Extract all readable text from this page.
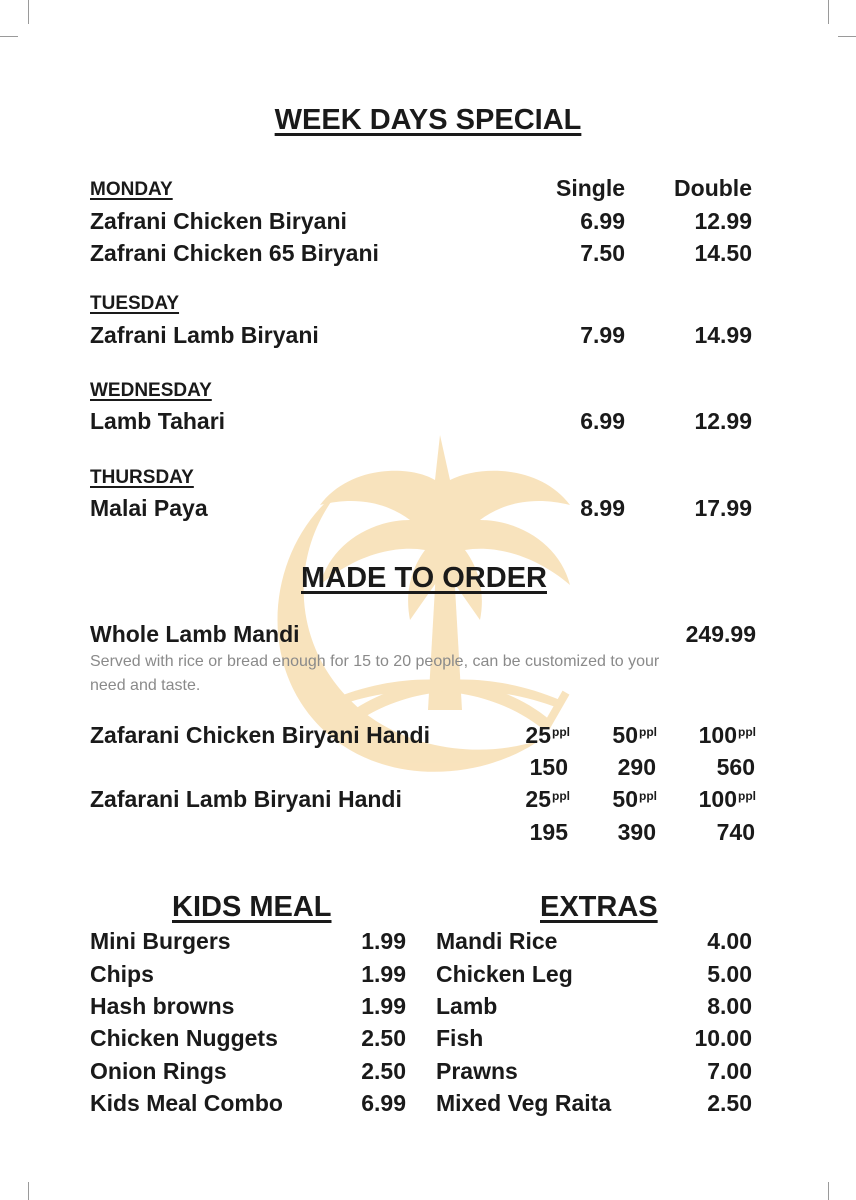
WEEK DAYS SPECIAL
Single Double
MONDAY
Zafrani Chicken Biryani	6.99	12.99
Zafrani Chicken 65 Biryani	7.50	14.50
TUESDAY
Zafrani Lamb Biryani	7.99	14.99
WEDNESDAY
Lamb Tahari	6.99	12.99
THURSDAY
Malai Paya	8.99	17.99
MADE TO ORDER
Whole Lamb Mandi	249.99
Served with rice or bread enough for 15 to 20 people, can be customized to your need and taste.
Zafarani Chicken Biryani Handi	$25^{ppl}$ $50^{ppl}$ $100^{ppl}$
150 290	560
Zafarani Lamb Biryani Handi	$25^{ppl}$ $50^{ppl}$ $100^{ppl}$
195 390	740
KIDS MEAL	EXTRAS
Mini Burgers	1.99
Chips	1.99
Hash browns	1.99
Chicken Nuggets	2.50
Onion Rings	2.50
Kids Meal Combo	6.99
Mandi Rice	4.00
Chicken Leg	5.00
Lamb	8.00
Fish	10.00
Prawns	7.00
Mixed Veg Raita	2.50
